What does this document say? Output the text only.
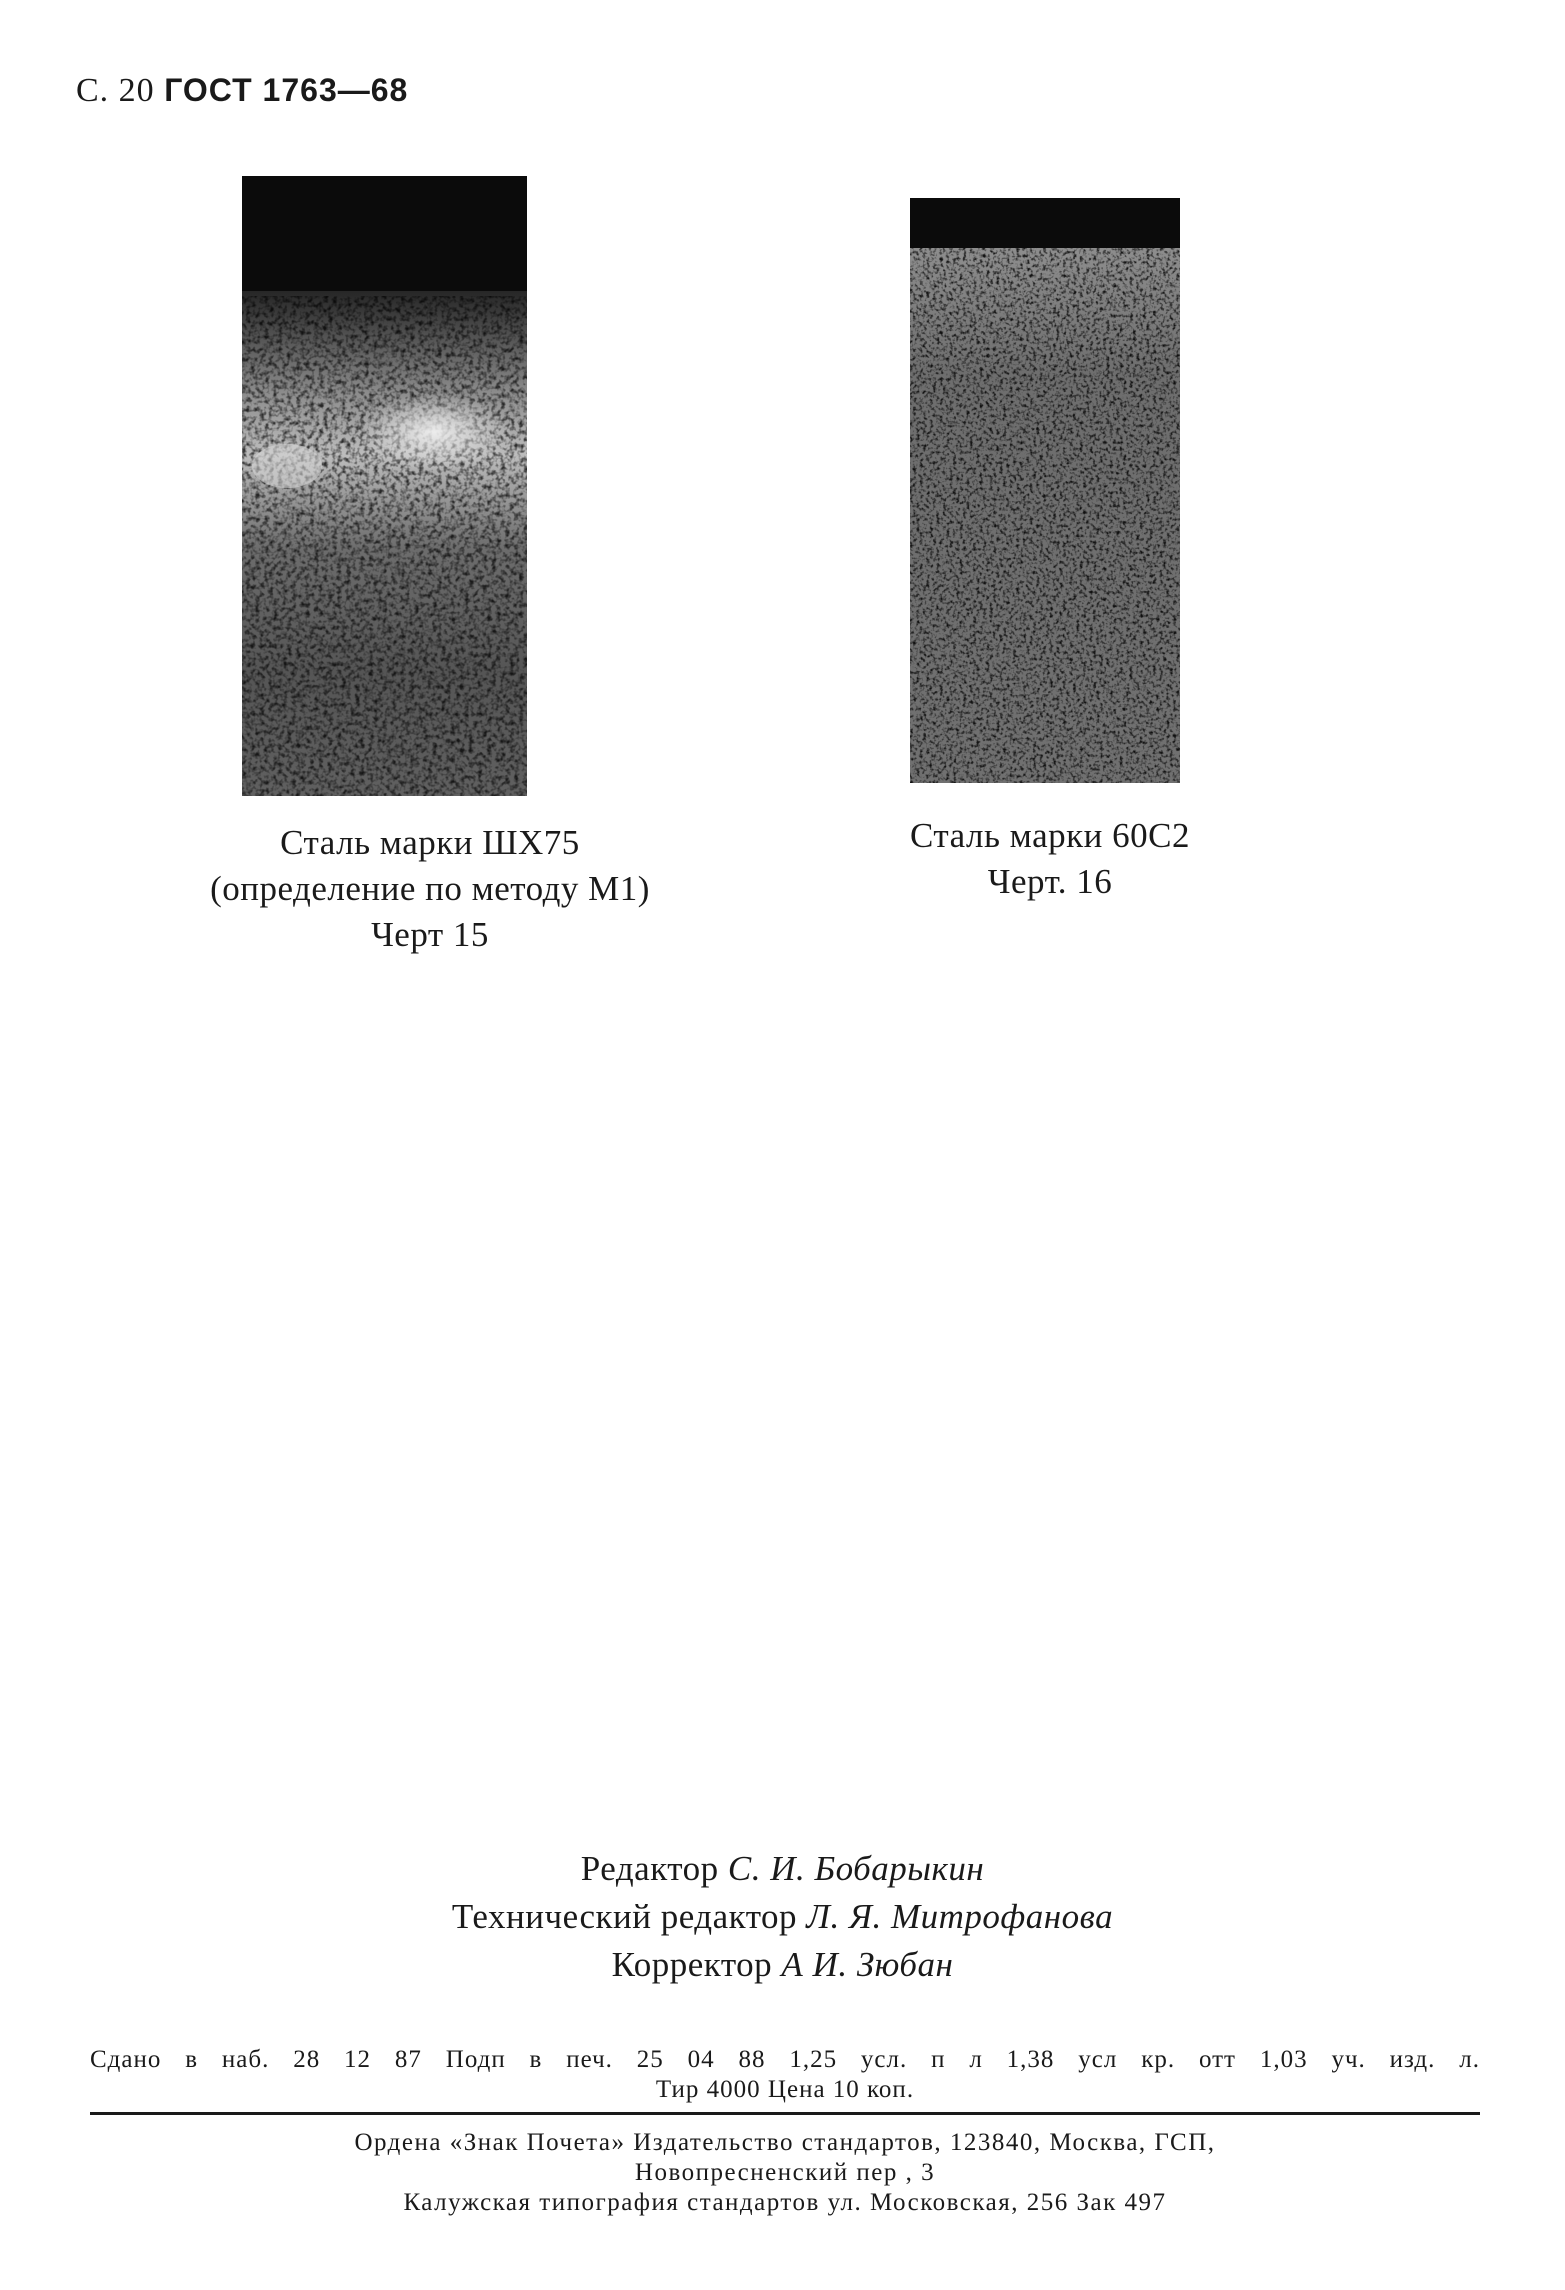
С. 20 ГОСТ 1763—68
Сталь марки ШХ75
(определение по методу М1)
Черт 15
Сталь марки 60С2
Черт. 16
Редактор С. И. Бобарыкин
Технический редактор Л. Я. Митрофанова
Корректор А И. Зюбан
Сдано в наб. 28 12 87 Подп в печ. 25 04 88 1,25 усл. п л 1,38 усл кр. отт 1,03 уч. изд. л.
Тир 4000 Цена 10 коп.
Ордена «Знак Почета» Издательство стандартов, 123840, Москва, ГСП,
Новопресненский пер , 3
Калужская типография стандартов ул. Московская, 256 Зак 497
